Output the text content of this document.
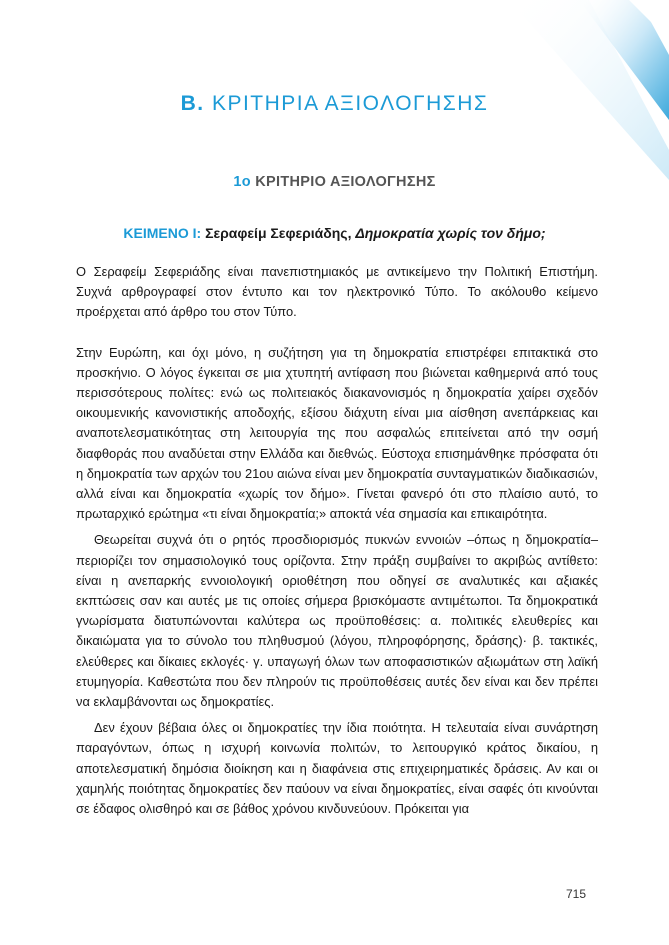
Β. ΚΡΙΤΗΡΙΑ ΑΞΙΟΛΟΓΗΣΗΣ
1ο ΚΡΙΤΗΡΙΟ ΑΞΙΟΛΟΓΗΣΗΣ
ΚΕΙΜΕΝΟ Ι: Σεραφείμ Σεφεριάδης, Δημοκρατία χωρίς τον δήμο;

Ο Σεραφείμ Σεφεριάδης είναι πανεπιστημιακός με αντικείμενο την Πολιτική Επιστήμη. Συχνά αρθρογραφεί στον έντυπο και τον ηλεκτρονικό Τύπο. Το ακόλουθο κείμενο προέρχεται από άρθρο του στον Τύπο.

Στην Ευρώπη, και όχι μόνο, η συζήτηση για τη δημοκρατία επιστρέφει επιτακτικά στο προσκήνιο. Ο λόγος έγκειται σε μια χτυπητή αντίφαση που βιώνεται καθημερινά από τους περισσότερους πολίτες: ενώ ως πολιτειακός διακανονισμός η δημοκρατία χαίρει σχεδόν οικουμενικής κανονιστικής αποδοχής, εξίσου διάχυτη είναι μια αίσθηση ανεπάρκειας και αναποτελεσματικότητας στη λειτουργία της που ασφαλώς επιτείνεται από την οσμή διαφθοράς που αναδύεται στην Ελλάδα και διεθνώς. Εύστοχα επισημάνθηκε πρόσφατα ότι η δημοκρατία των αρχών του 21ου αιώνα είναι μεν δημοκρατία συνταγματικών διαδικασιών, αλλά είναι και δημοκρατία «χωρίς τον δήμο». Γίνεται φανερό ότι στο πλαίσιο αυτό, το πρωταρχικό ερώτημα «τι είναι δημοκρατία;» αποκτά νέα σημασία και επικαιρότητα.

Θεωρείται συχνά ότι ο ρητός προσδιορισμός πυκνών εννοιών –όπως η δημοκρατία– περιορίζει τον σημασιολογικό τους ορίζοντα. Στην πράξη συμβαίνει το ακριβώς αντίθετο: είναι η ανεπαρκής εννοιολογική οριοθέτηση που οδηγεί σε αναλυτικές και αξιακές εκπτώσεις σαν και αυτές με τις οποίες σήμερα βρισκόμαστε αντιμέτωποι. Τα δημοκρατικά γνωρίσματα διατυπώνονται καλύτερα ως προϋποθέσεις: α. πολιτικές ελευθερίες και δικαιώματα για το σύνολο του πληθυσμού (λόγου, πληροφόρησης, δράσης)· β. τακτικές, ελεύθερες και δίκαιες εκλογές· γ. υπαγωγή όλων των αποφασιστικών αξιωμάτων στη λαϊκή ετυμηγορία. Καθεστώτα που δεν πληρούν τις προϋποθέσεις αυτές δεν είναι και δεν πρέπει να εκλαμβάνονται ως δημοκρατίες.

Δεν έχουν βέβαια όλες οι δημοκρατίες την ίδια ποιότητα. Η τελευταία είναι συνάρτηση παραγόντων, όπως η ισχυρή κοινωνία πολιτών, το λειτουργικό κράτος δικαίου, η αποτελεσματική δημόσια διοίκηση και η διαφάνεια στις επιχειρηματικές δράσεις. Αν και οι χαμηλής ποιότητας δημοκρατίες δεν παύουν να είναι δημοκρατίες, είναι σαφές ότι κινούνται σε έδαφος ολισθηρό και σε βάθος χρόνου κινδυνεύουν. Πρόκειται για

715
